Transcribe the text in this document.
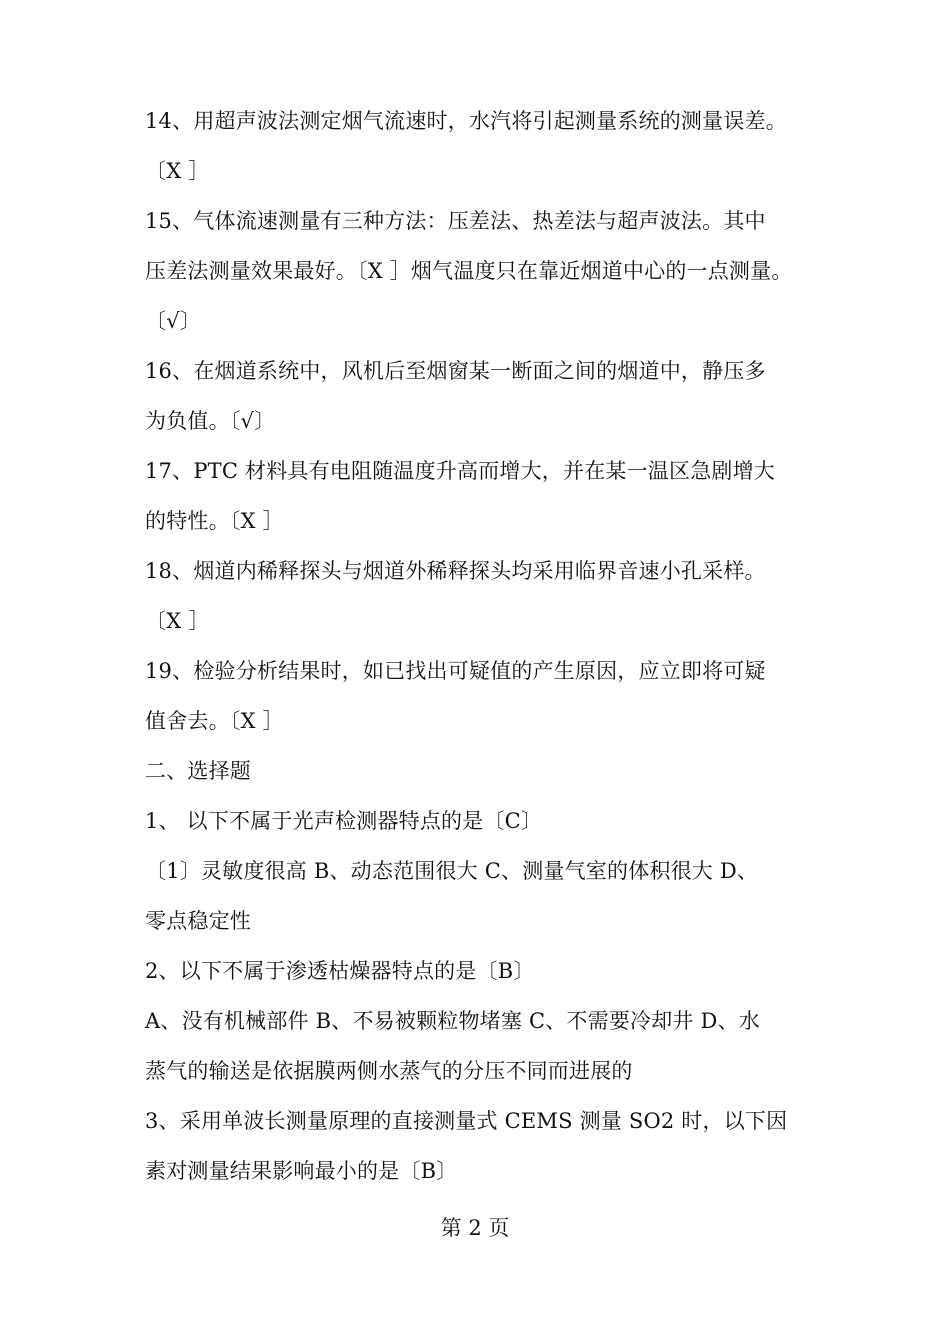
14、用超声波法测定烟气流速时，水汽将引起测量系统的测量误差。
〔X ］
15、气体流速测量有三种方法：压差法、热差法与超声波法。其中
压差法测量效果最好。〔X ］烟气温度只在靠近烟道中心的一点测量。
〔√〕
16、在烟道系统中，风机后至烟窗某一断面之间的烟道中，静压多
为负值。〔√〕
17、PTC 材料具有电阻随温度升高而增大，并在某一温区急剧增大
的特性。〔X ］
18、烟道内稀释探头与烟道外稀释探头均采用临界音速小孔采样。
〔X ］
19、检验分析结果时，如已找出可疑值的产生原因，应立即将可疑
值舍去。〔X ］
二、选择题
1、 以下不属于光声检测器特点的是〔C〕
〔1〕灵敏度很高 B、动态范围很大 C、测量气室的体积很大 D、
零点稳定性
2、以下不属于渗透枯燥器特点的是〔B〕
A、没有机械部件 B、不易被颗粒物堵塞 C、不需要冷却井 D、水
蒸气的输送是依据膜两侧水蒸气的分压不同而进展的
3、采用单波长测量原理的直接测量式 CEMS 测量 SO2 时，以下因
素对测量结果影响最小的是〔B〕
第 2 页
